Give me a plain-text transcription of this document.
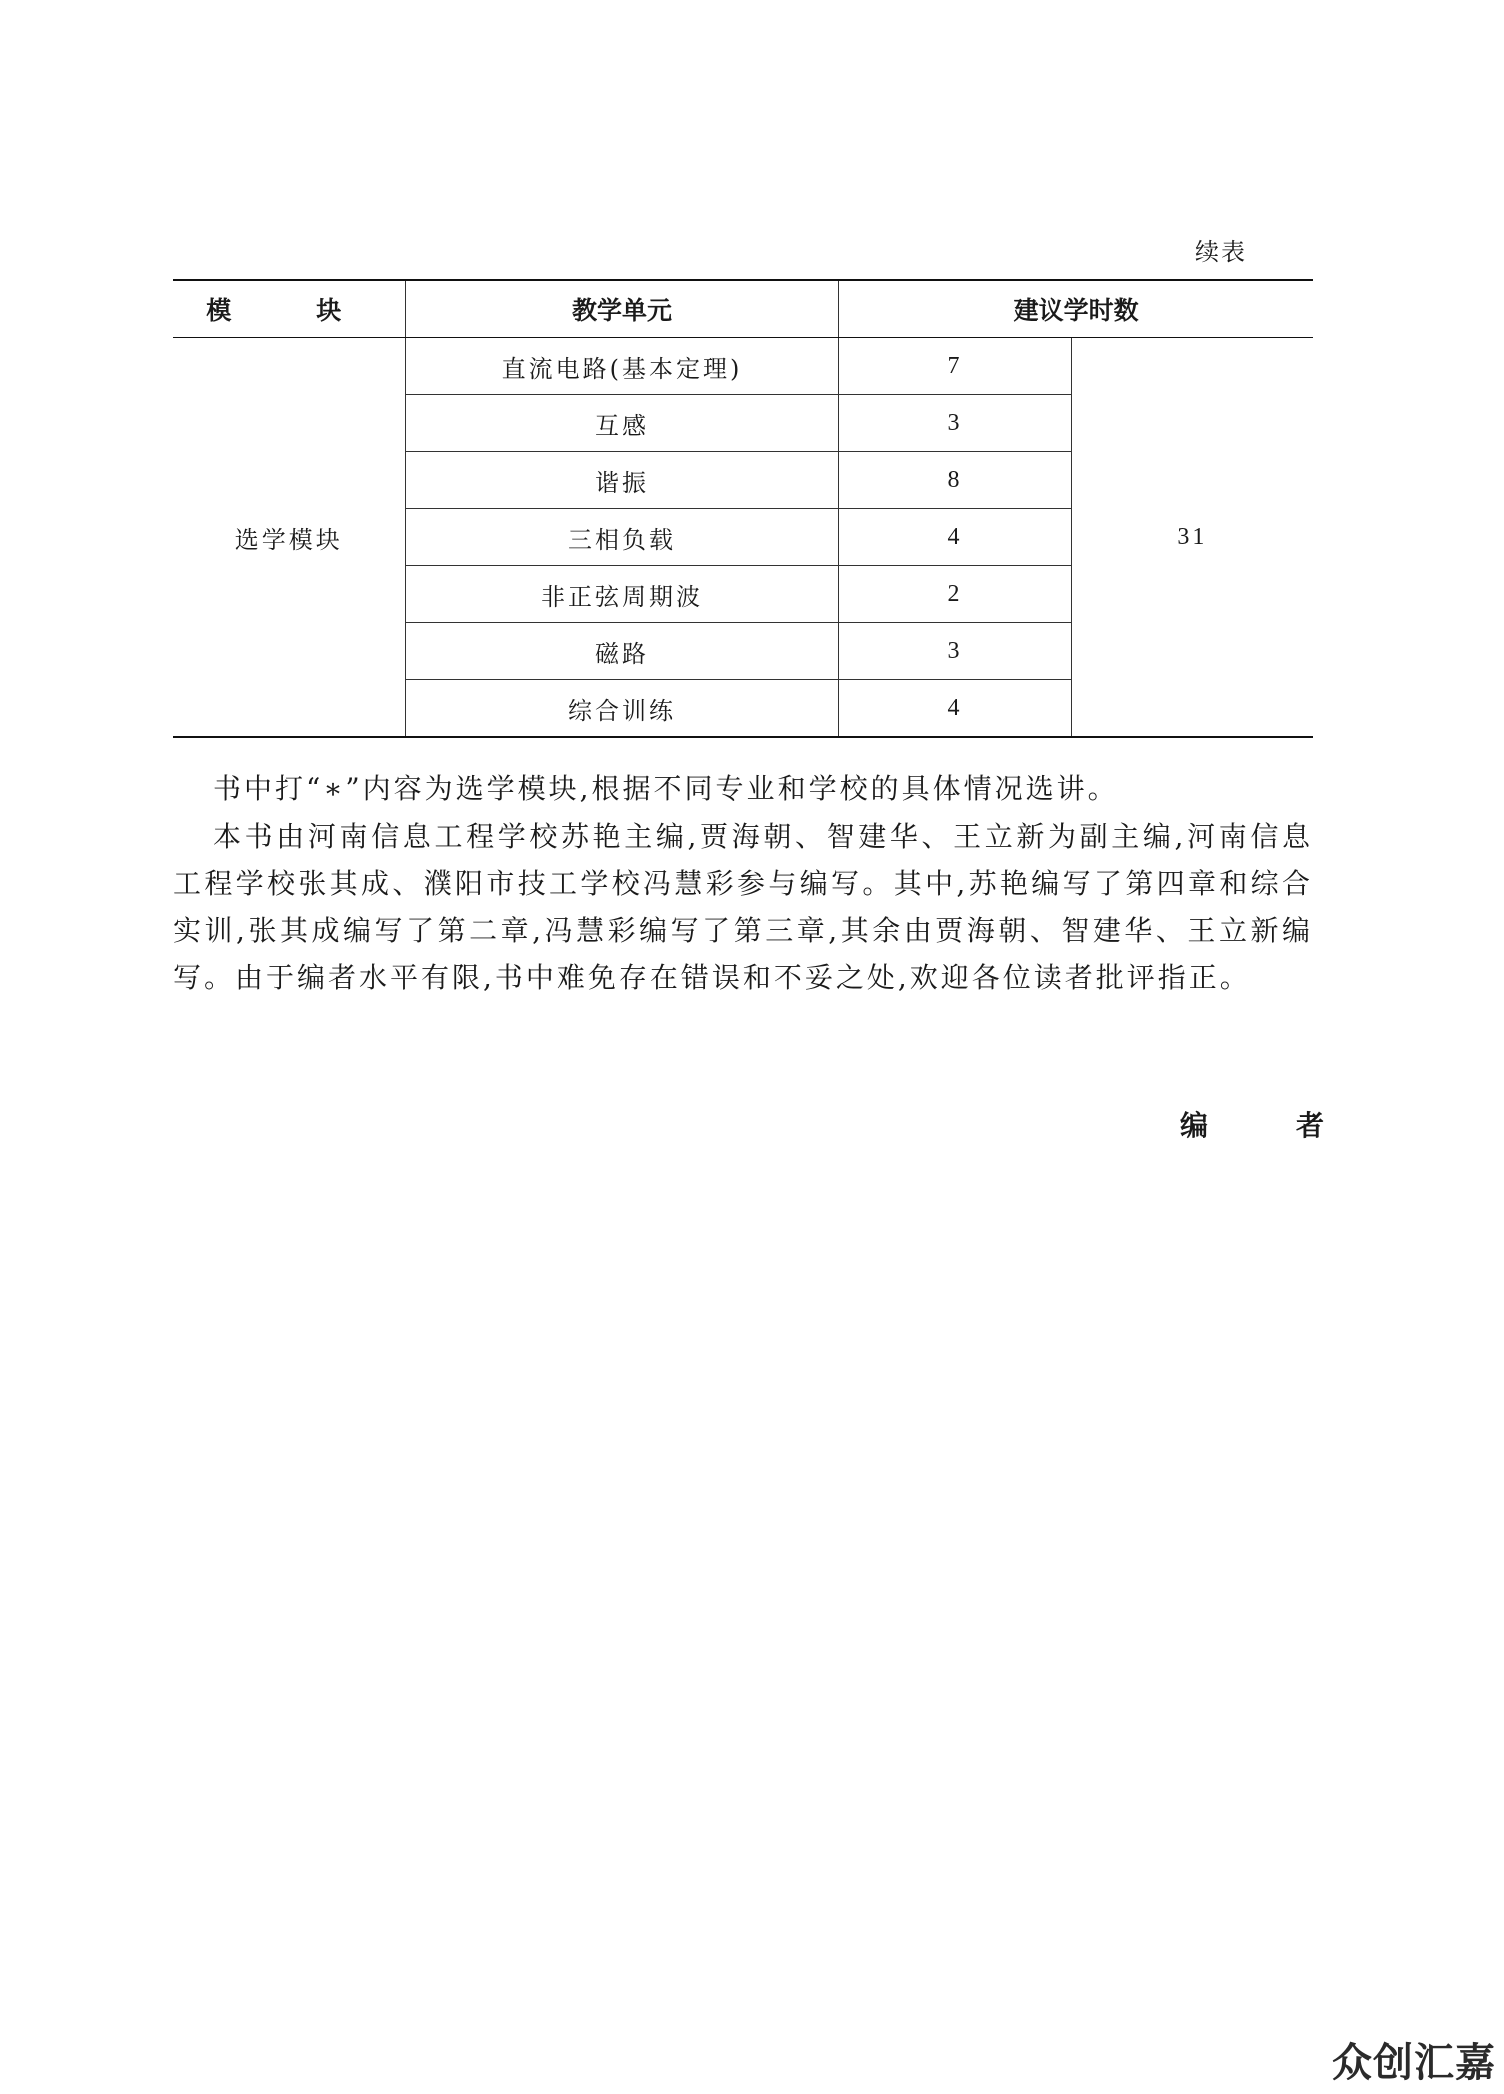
续表
模　块	教学单元	建议学时数	
选学模块	直流电路(基本定理)	7	31
	互感	3	
	谐振	8	
	三相负载	4	
	非正弦周期波	2	
	磁路	3	
	综合训练	4	

书中打“∗”内容为选学模块,根据不同专业和学校的具体情况选讲。

本书由河南信息工程学校苏艳主编,贾海朝、智建华、王立新为副主编,河南信息工程学校张其成、濮阳市技工学校冯慧彩参与编写。其中,苏艳编写了第四章和综合实训,张其成编写了第二章,冯慧彩编写了第三章,其余由贾海朝、智建华、王立新编写。由于编者水平有限,书中难免存在错误和不妥之处,欢迎各位读者批评指正。

编　者
众创汇嘉
